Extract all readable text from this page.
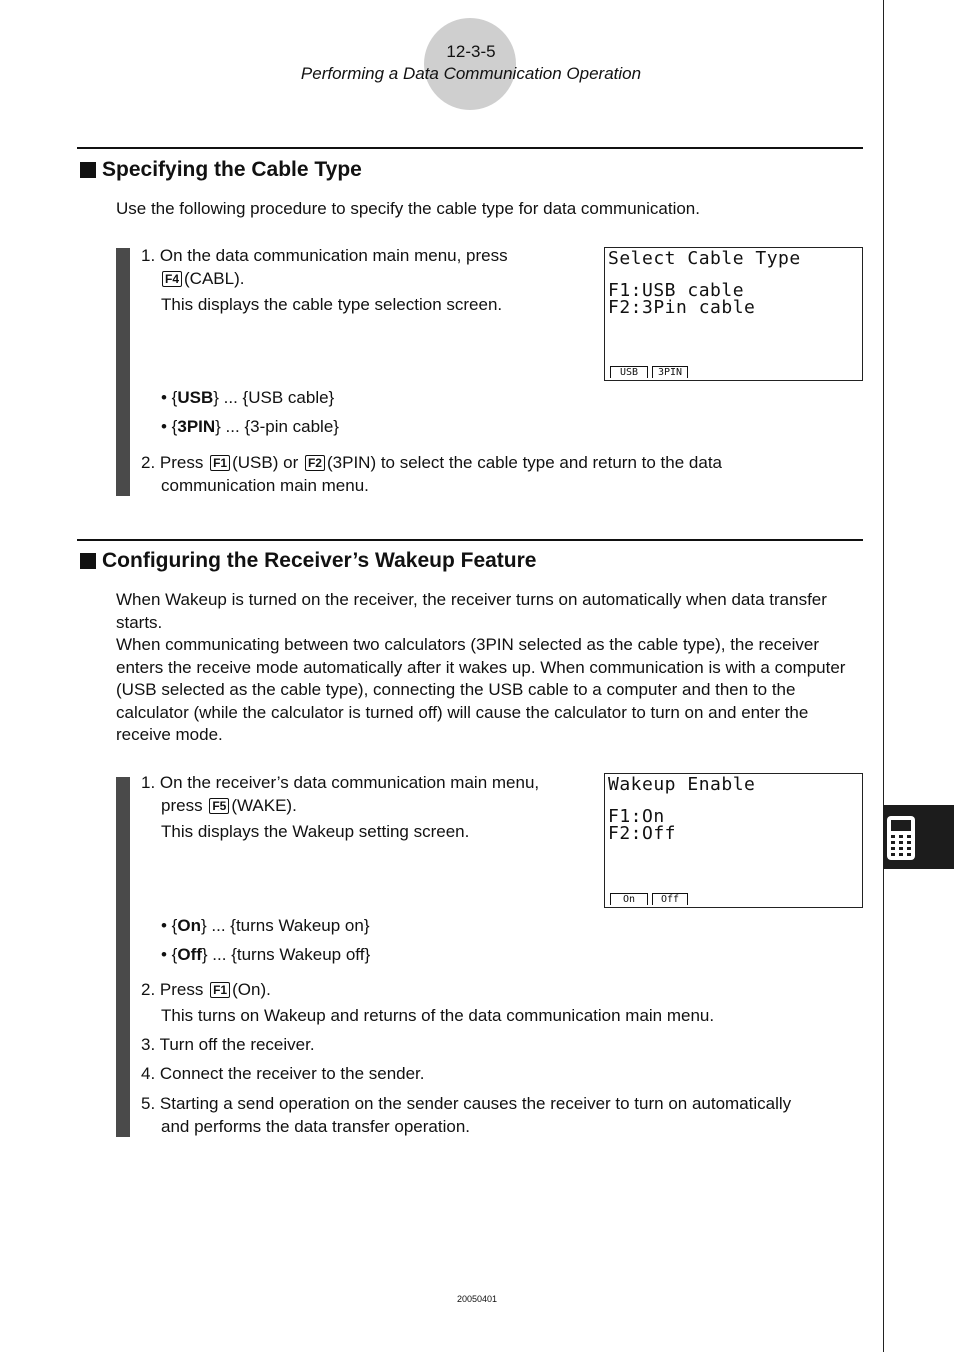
12-3-5
Performing a Data Communication Operation
Specifying the Cable Type
Use the following procedure to specify the cable type for data communication.
1. On the data communication main menu, press
F4 (CABL).
This displays the cable type selection screen.
Select Cable Type
F1:USB cable
F2:3Pin cable
USB	3PIN
• {USB} ... {USB cable}
• {3PIN} ... {3-pin cable}
2. Press F1 (USB) or F2 (3PIN) to select the cable type and return to the data
communication main menu.
Configuring the Receiver’s Wakeup Feature

When Wakeup is turned on the receiver, the receiver turns on automatically when data transfer starts.

When communicating between two calculators (3PIN selected as the cable type), the receiver enters the receive mode automatically after it wakes up. When communication is with a computer (USB selected as the cable type), connecting the USB cable to a computer and then to the calculator (while the calculator is turned off) will cause the calculator to turn on and enter the receive mode.

1. On the receiver’s data communication main menu,
press F5 (WAKE).
This displays the Wakeup setting screen.
Wakeup Enable
F1:On
F2:Off
On	Off
• {On} ... {turns Wakeup on}
• {Off} ... {turns Wakeup off}
2. Press F1 (On).
This turns on Wakeup and returns of the data communication main menu.
3. Turn off the receiver.
4. Connect the receiver to the sender.
5. Starting a send operation on the sender causes the receiver to turn on automatically
and performs the data transfer operation.
20050401
